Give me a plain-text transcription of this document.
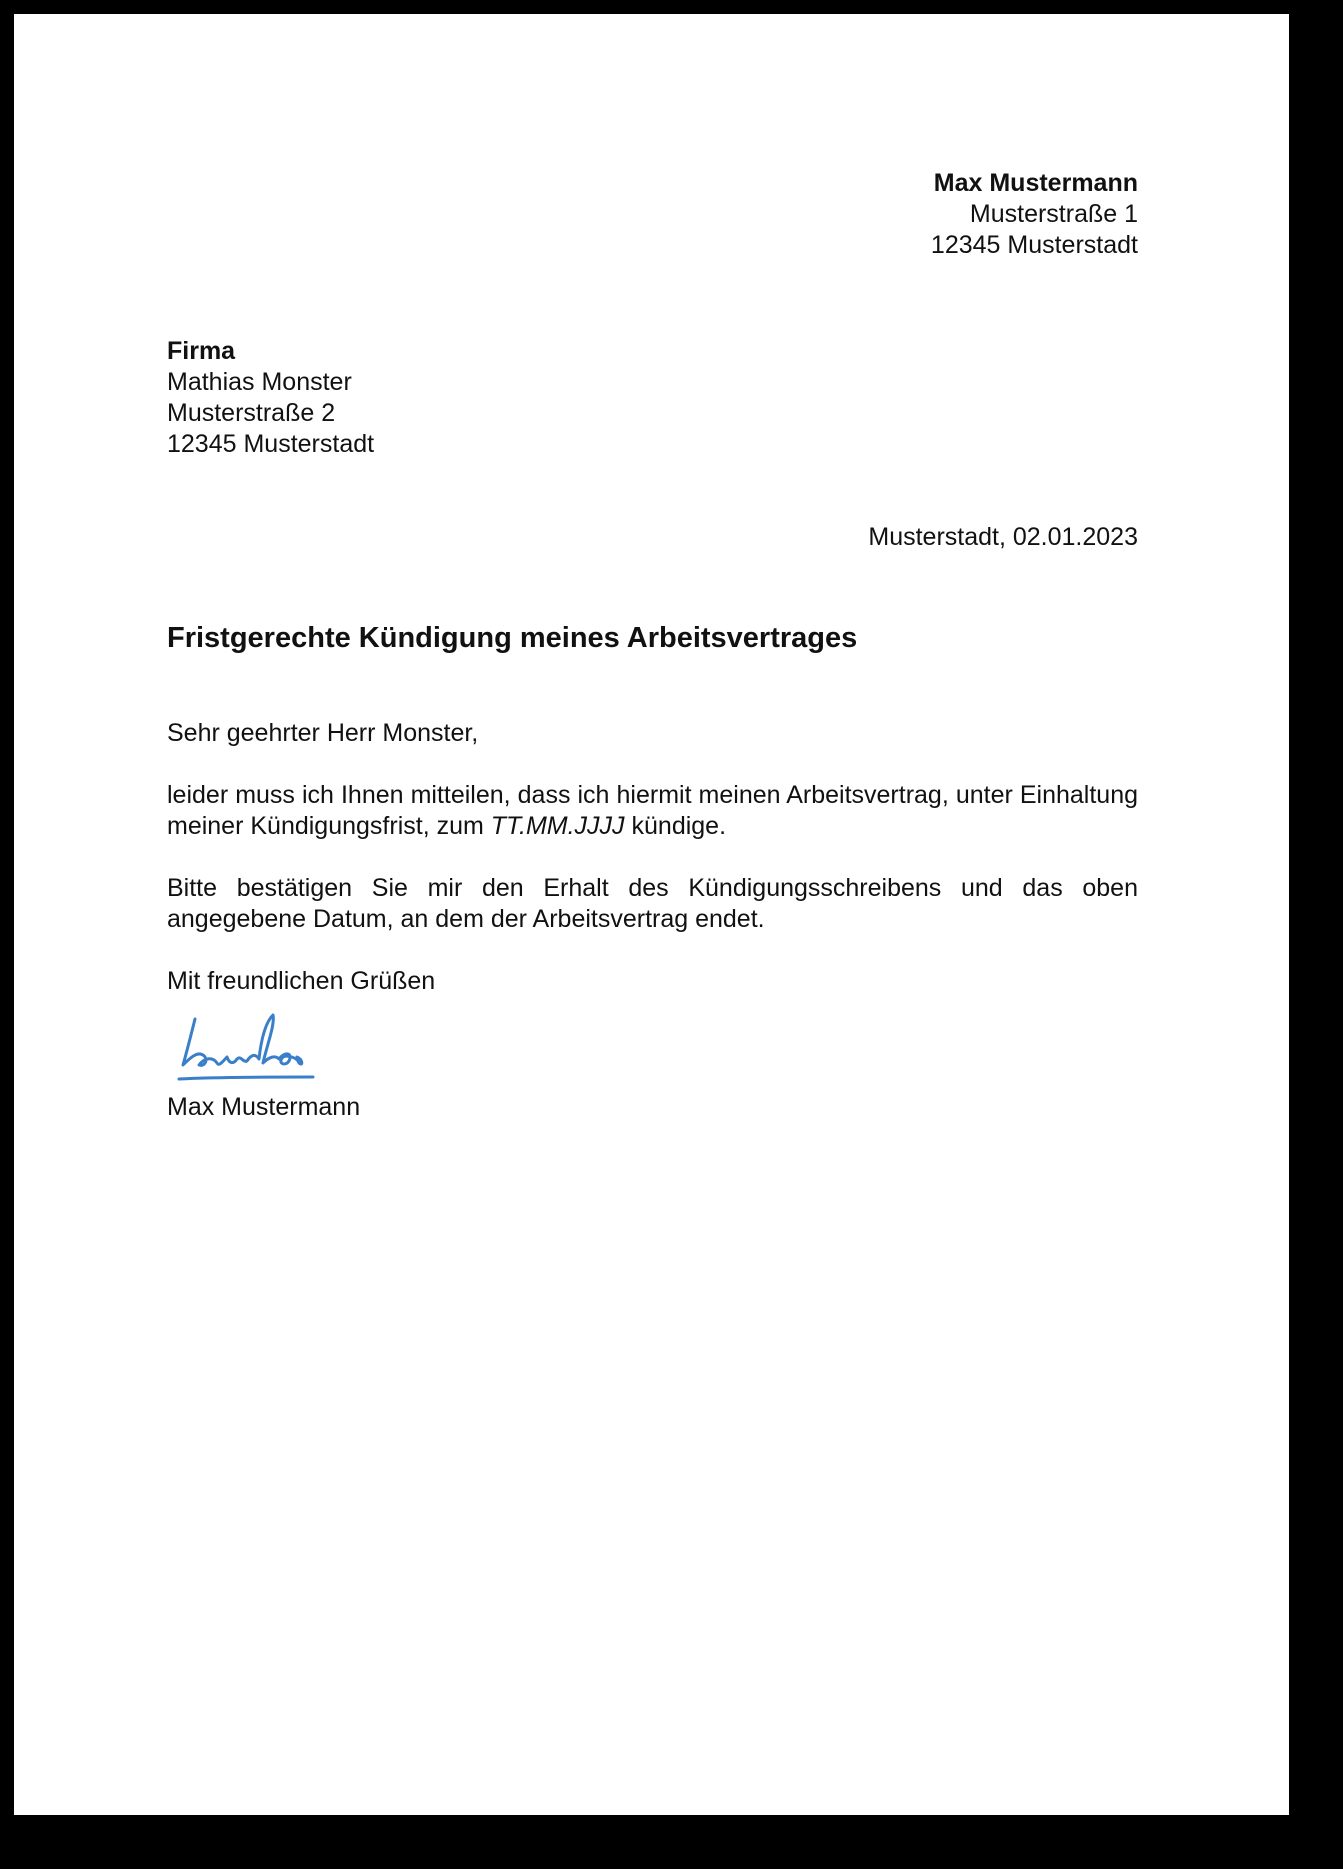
Max Mustermann
Musterstraße 1
12345 Musterstadt
Firma
Mathias Monster
Musterstraße 2
12345 Musterstadt
Musterstadt, 02.01.2023
Fristgerechte Kündigung meines Arbeitsvertrages

Sehr geehrter Herr Monster,

leider muss ich Ihnen mitteilen, dass ich hiermit meinen Arbeitsvertrag, unter Einhaltung meiner Kündigungsfrist, zum TT.MM.JJJJ kündige.

Bitte bestätigen Sie mir den Erhalt des Kündigungsschreibens und das oben angegebene Datum, an dem der Arbeitsvertrag endet.

Mit freundlichen Grüßen

Max Mustermann
